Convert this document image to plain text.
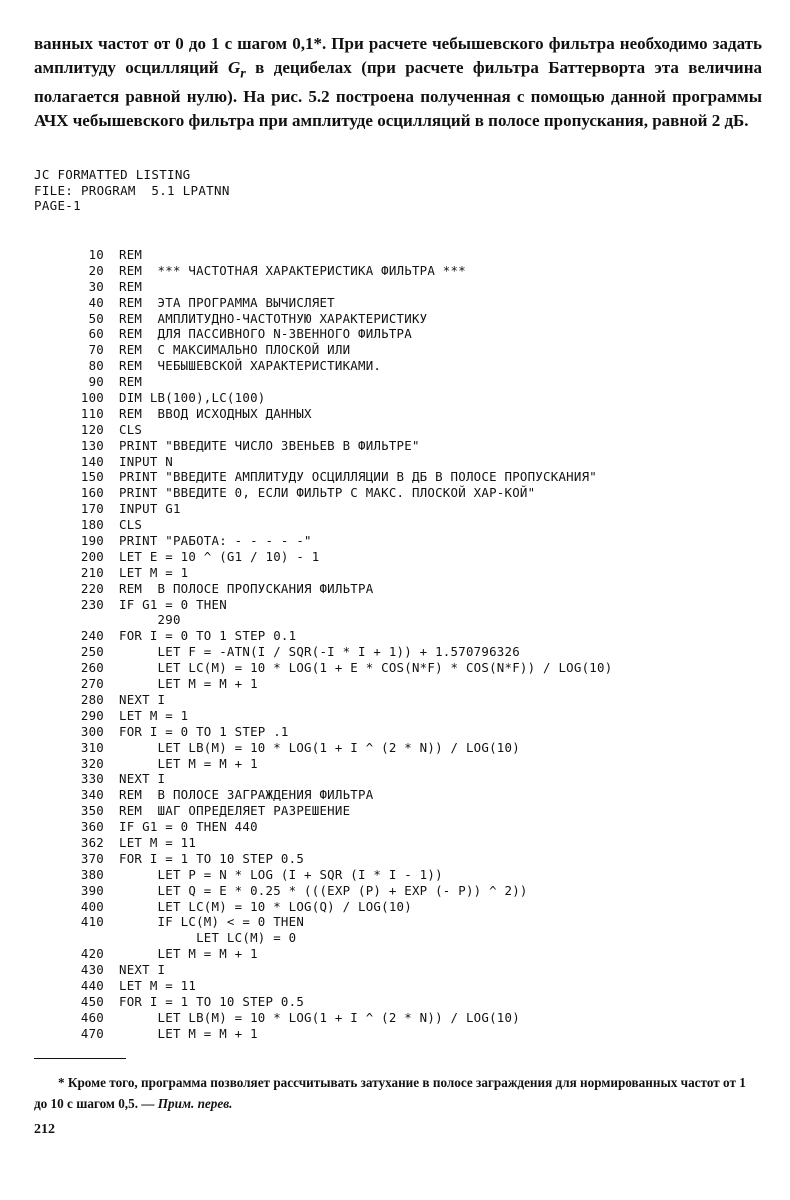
ванных частот от 0 до 1 с шагом 0,1*. При расчете чебышевского фильтра необходимо задать амплитуду осцилляций $G_r$ в децибелах (при расчете фильтра Баттерворта эта величина полагается равной нулю). На рис. 5.2 построена полученная с помощью данной программы АЧХ чебышевского фильтра при амплитуде осцилляций в полосе пропускания, равной 2 дБ.

JC FORMATTED LISTING
FILE: PROGRAM  5.1 LPATNN
PAGE-1
10	REM
20	REM  *** ЧАСТОТНАЯ ХАРАКТЕРИСТИКА ФИЛЬТРА ***
30	REM
40	REM  ЭТА ПРОГРАММА ВЫЧИСЛЯЕТ
50	REM  АМПЛИТУДНО-ЧАСТОТНУЮ ХАРАКТЕРИСТИКУ
60	REM  ДЛЯ ПАССИВНОГО N-ЗВЕННОГО ФИЛЬТРА
70	REM  С МАКСИМАЛЬНО ПЛОСКОЙ ИЛИ
80	REM  ЧЕБЫШЕВСКОЙ ХАРАКТЕРИСТИКАМИ.
90	REM
100	DIM LB(100),LC(100)
110	REM  ВВОД ИСХОДНЫХ ДАННЫХ
120	CLS
130	PRINT "ВВЕДИТЕ ЧИСЛО ЗВЕНЬЕВ В ФИЛЬТРЕ"
140	INPUT N
150	PRINT "ВВЕДИТЕ АМПЛИТУДУ ОСЦИЛЛЯЦИИ В ДБ В ПОЛОСЕ ПРОПУСКАНИЯ"
160	PRINT "ВВЕДИТЕ 0, ЕСЛИ ФИЛЬТР С МАКС. ПЛОСКОЙ ХАР-КОЙ"
170	INPUT G1
180	CLS
190	PRINT "РАБОТА: - - - - -"
200	LET E = 10 ^ (G1 / 10) - 1
210	LET M = 1
220	REM  В ПОЛОСЕ ПРОПУСКАНИЯ ФИЛЬТРА
230	IF G1 = 0 THEN
290
240	FOR I = 0 TO 1 STEP 0.1
250	LET F = -ATN(I / SQR(-I * I + 1)) + 1.570796326
260	LET LC(M) = 10 * LOG(1 + E * COS(N*F) * COS(N*F)) / LOG(10)
270	LET M = M + 1
280	NEXT I
290	LET M = 1
300	FOR I = 0 TO 1 STEP .1
310	LET LB(M) = 10 * LOG(1 + I ^ (2 * N)) / LOG(10)
320	LET M = M + 1
330	NEXT I
340	REM  В ПОЛОСЕ ЗАГРАЖДЕНИЯ ФИЛЬТРА
350	REM  ШАГ ОПРЕДЕЛЯЕТ РАЗРЕШЕНИЕ
360	IF G1 = 0 THEN 440
362	LET M = 11
370	FOR I = 1 TO 10 STEP 0.5
380	LET P = N * LOG (I + SQR (I * I - 1))
390	LET Q = E * 0.25 * (((EXP (P) + EXP (- P)) ^ 2))
400	LET LC(M) = 10 * LOG(Q) / LOG(10)
410	IF LC(M) < = 0 THEN
LET LC(M) = 0
420	LET M = M + 1
430	NEXT I
440	LET M = 11
450	FOR I = 1 TO 10 STEP 0.5
460	LET LB(M) = 10 * LOG(1 + I ^ (2 * N)) / LOG(10)
470	LET M = M + 1

* Кроме того, программа позволяет рассчитывать затухание в полосе заграждения для нормированных частот от 1 до 10 с шагом 0,5. — Прим. перев.

212
